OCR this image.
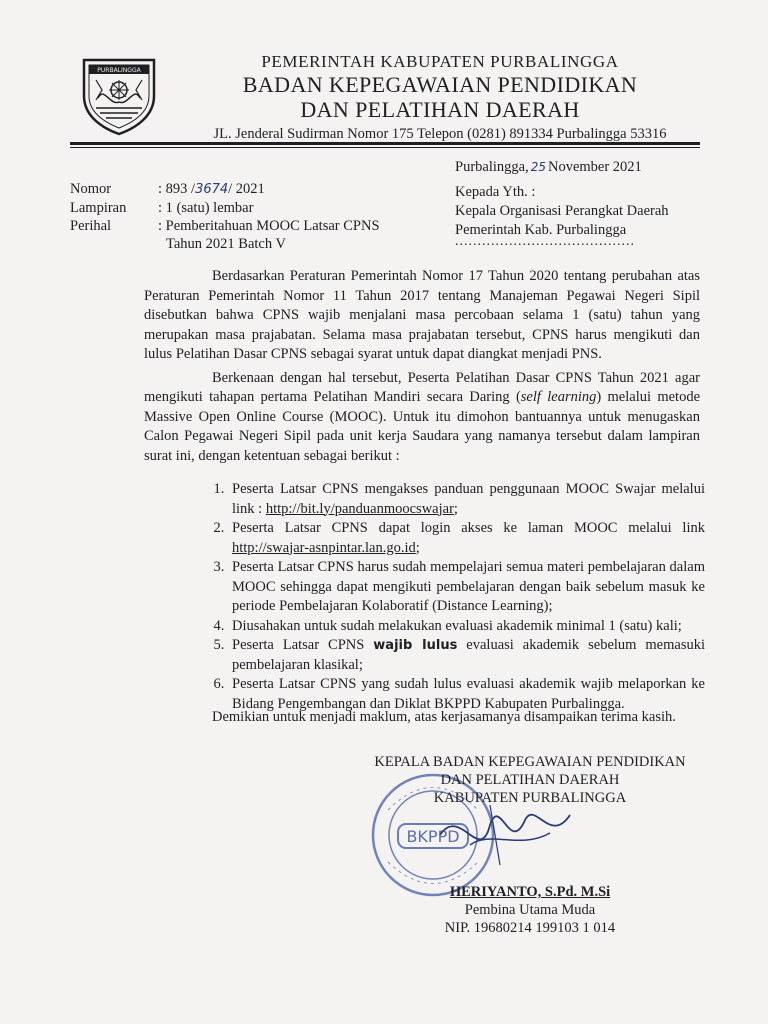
PURBALINGGA	PEMERINTAH KABUPATEN PURBALINGGA
BADAN KEPEGAWAIAN PENDIDIKAN
DAN PELATIHAN DAERAH
JL. Jenderal Sudirman Nomor 175 Telepon (0281) 891334 Purbalingga 53316
Purbalingga, 25 November 2021
Kepada Yth. :
Kepala Organisasi Perangkat Daerah
Pemerintah Kab. Purbalingga
........................................
Nomor	: 893 /3674/ 2021
Lampiran	: 1 (satu) lembar
Perihal	: Pemberitahuan MOOC Latsar CPNS
Tahun 2021 Batch V

Berdasarkan Peraturan Pemerintah Nomor 17 Tahun 2020 tentang perubahan atas Peraturan Pemerintah Nomor 11 Tahun 2017 tentang Manajeman Pegawai Negeri Sipil disebutkan bahwa CPNS wajib menjalani masa percobaan selama 1 (satu) tahun yang merupakan masa prajabatan. Selama masa prajabatan tersebut, CPNS harus mengikuti dan lulus Pelatihan Dasar CPNS sebagai syarat untuk dapat diangkat menjadi PNS.

Berkenaan dengan hal tersebut, Peserta Pelatihan Dasar CPNS Tahun 2021 agar mengikuti tahapan pertama Pelatihan Mandiri secara Daring (self learning) melalui metode Massive Open Online Course (MOOC). Untuk itu dimohon bantuannya untuk menugaskan Calon Pegawai Negeri Sipil pada unit kerja Saudara yang namanya tersebut dalam lampiran surat ini, dengan ketentuan sebagai berikut :

1. Peserta Latsar CPNS mengakses panduan penggunaan MOOC Swajar melalui link : http://bit.ly/panduanmoocswajar;
2. Peserta Latsar CPNS dapat login akses ke laman MOOC melalui link http://swajar-asnpintar.lan.go.id;
3. Peserta Latsar CPNS harus sudah mempelajari semua materi pembelajaran dalam MOOC sehingga dapat mengikuti pembelajaran dengan baik sebelum masuk ke periode Pembelajaran Kolaboratif (Distance Learning);
4. Diusahakan untuk sudah melakukan evaluasi akademik minimal 1 (satu) kali;
5. Peserta Latsar CPNS wajib lulus evaluasi akademik sebelum memasuki pembelajaran klasikal;
6. Peserta Latsar CPNS yang sudah lulus evaluasi akademik wajib melaporkan ke Bidang Pengembangan dan Diklat BKPPD Kabupaten Purbalingga.

Demikian untuk menjadi maklum, atas kerjasamanya disampaikan terima kasih.

BKPPD
KEPALA BADAN KEPEGAWAIAN PENDIDIKAN
DAN PELATIHAN DAERAH
KABUPATEN PURBALINGGA
HERIYANTO, S.Pd. M.Si
Pembina Utama Muda
NIP. 19680214 199103 1 014
